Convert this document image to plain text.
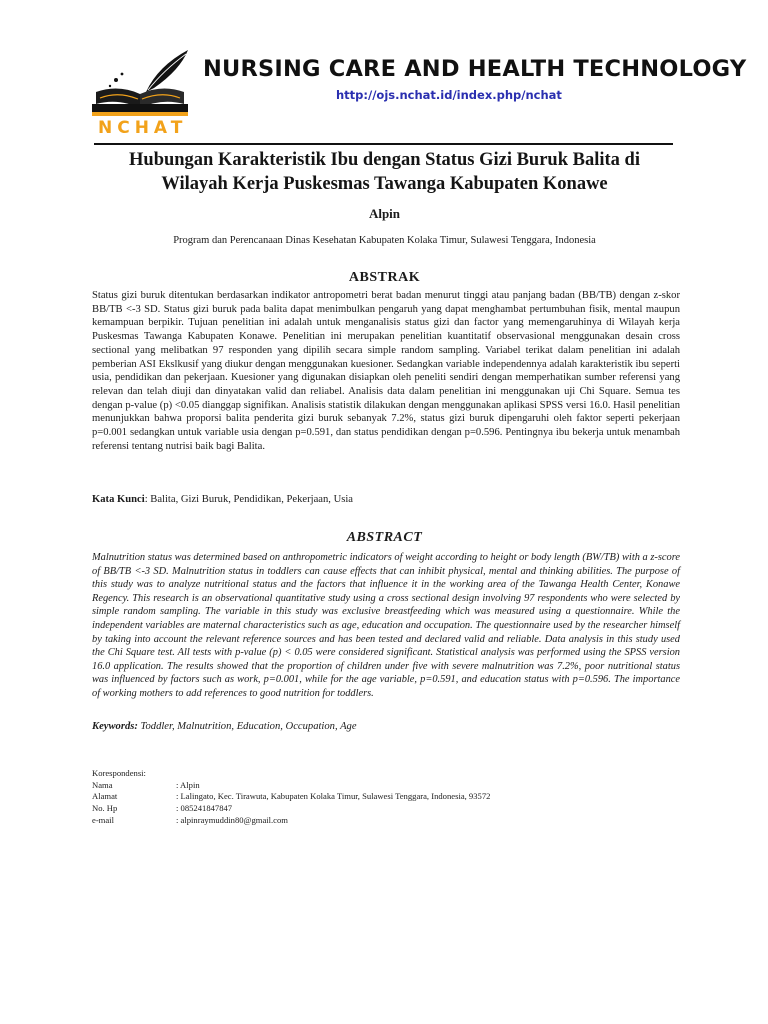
NCHAT
NURSING CARE AND HEALTH TECHNOLOGY
http://ojs.nchat.id/index.php/nchat
Hubungan Karakteristik Ibu dengan Status Gizi Buruk Balita di
Wilayah Kerja Puskesmas Tawanga Kabupaten Konawe
Alpin
Program dan Perencanaan Dinas Kesehatan Kabupaten Kolaka Timur, Sulawesi Tenggara, Indonesia
ABSTRAK
Status gizi buruk ditentukan berdasarkan indikator antropometri berat badan menurut tinggi atau panjang badan (BB/TB) dengan z-skor BB/TB <-3 SD. Status gizi buruk pada balita dapat menimbulkan pengaruh yang dapat menghambat pertumbuhan fisik, mental maupun kemampuan berpikir. Tujuan penelitian ini adalah untuk menganalisis status gizi dan factor yang memengaruhinya di Wilayah kerja Puskesmas Tawanga Kabupaten Konawe. Penelitian ini merupakan penelitian kuantitatif observasional menggunakan desain cross sectional yang melibatkan 97 responden yang dipilih secara simple random sampling. Variabel terikat dalam penelitian ini adalah pemberian ASI Ekslkusif yang diukur dengan menggunakan kuesioner. Sedangkan variable independennya adalah karakteristik ibu seperti usia, pendidikan dan pekerjaan. Kuesioner yang digunakan disiapkan oleh peneliti sendiri dengan memperhatikan sumber referensi yang relevan dan telah diuji dan dinyatakan valid dan reliabel. Analisis data dalam penelitian ini menggunakan uji Chi Square. Semua tes dengan p-value (p) <0.05 dianggap signifikan. Analisis statistik dilakukan dengan menggunakan aplikasi SPSS versi 16.0. Hasil penelitian menunjukkan bahwa proporsi balita penderita gizi buruk sebanyak 7.2%, status gizi buruk dipengaruhi oleh faktor seperti pekerjaan p=0.001 sedangkan untuk variable usia dengan p=0.591, dan status pendidikan dengan p=0.596. Pentingnya ibu bekerja untuk menambah referensi tentang nutrisi baik bagi Balita.
Kata Kunci: Balita, Gizi Buruk, Pendidikan, Pekerjaan, Usia
ABSTRACT
Malnutrition status was determined based on anthropometric indicators of weight according to height or body length (BW/TB) with a z-score of BB/TB <-3 SD. Malnutrition status in toddlers can cause effects that can inhibit physical, mental and thinking abilities. The purpose of this study was to analyze nutritional status and the factors that influence it in the working area of the Tawanga Health Center, Konawe Regency. This research is an observational quantitative study using a cross sectional design involving 97 respondents who were selected by simple random sampling. The variable in this study was exclusive breastfeeding which was measured using a questionnaire. While the independent variables are maternal characteristics such as age, education and occupation. The questionnaire used by the researcher himself by taking into account the relevant reference sources and has been tested and declared valid and reliable. Data analysis in this study used the Chi Square test. All tests with p-value (p) < 0.05 were considered significant. Statistical analysis was performed using the SPSS version 16.0 application. The results showed that the proportion of children under five with severe malnutrition was 7.2%, poor nutritional status was influenced by factors such as work, p=0.001, while for the age variable, p=0.591, and education status with p=0.596. The importance of working mothers to add references to good nutrition for toddlers.
Keywords: Toddler, Malnutrition, Education, Occupation, Age
Korespondensi:
Nama	: Alpin
Alamat	: Lalingato, Kec. Tirawuta, Kabupaten Kolaka Timur, Sulawesi Tenggara, Indonesia, 93572
No. Hp	: 085241847847
e-mail	: alpinraymuddin80@gmail.com
